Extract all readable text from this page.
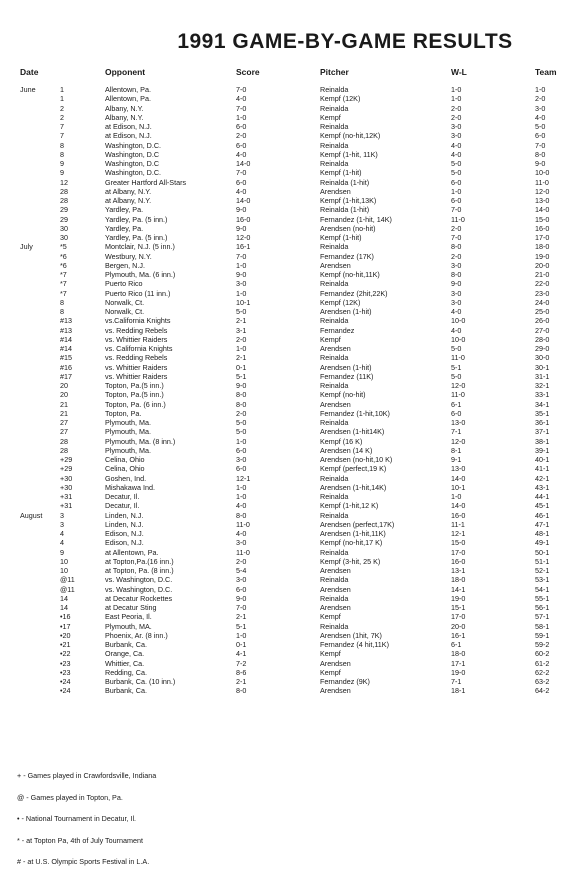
1991 GAME-BY-GAME RESULTS
Date	Opponent	Score	Pitcher	W-L	Team
June	1	Allentown, Pa.	7-0	Reinalda	1-0	1-0
1	Allentown, Pa.	4-0	Kempf (12K)	1-0	2-0
2	Albany, N.Y.	7-0	Reinalda	2-0	3-0
2	Albany, N.Y.	1-0	Kempf	2-0	4-0
7	at Edison, N.J.	6-0	Reinalda	3-0	5-0
7	at Edison, N.J.	2-0	Kempf (no-hit,12K)	3-0	6-0
8	Washington, D.C.	6-0	Reinalda	4-0	7-0
8	Washington, D.C	4-0	Kempf (1-hit, 11K)	4-0	8-0
9	Washington, D.C	14-0	Reinalda	5-0	9-0
9	Washington, D.C.	7-0	Kempf (1-hit)	5-0	10-0
12	Greater Hartford All-Stars	6-0	Reinalda (1-hit)	6-0	11-0
28	at Albany, N.Y.	4-0	Arendsen	1-0	12-0
28	at Albany, N.Y.	14-0	Kempf (1-hit,13K)	6-0	13-0
29	Yardley, Pa.	9-0	Reinalda (1-hit)	7-0	14-0
29	Yardley, Pa. (5 inn.)	16-0	Fernandez (1-hit, 14K)	11-0	15-0
30	Yardley, Pa.	9-0	Arendsen (no-hit)	2-0	16-0
30	Yardley, Pa. (5 inn.)	12-0	Kempf (1-hit)	7-0	17-0
July	*5	Montclair, N.J. (5 inn.)	16-1	Reinalda	8-0	18-0
*6	Westbury, N.Y.	7-0	Fernandez (17K)	2-0	19-0
*6	Bergen, N.J.	1-0	Arendsen	3-0	20-0
*7	Plymouth, Ma. (6 inn.)	9-0	Kempf (no-hit,11K)	8-0	21-0
*7	Puerto Rico	3-0	Reinalda	9-0	22-0
*7	Puerto Rico (11 inn.)	1-0	Fernandez (2hit,22K)	3-0	23-0
8	Norwalk, Ct.	10-1	Kempf (12K)	3-0	24-0
8	Norwalk, Ct.	5-0	Arendsen (1-hit)	4-0	25-0
#13	vs.California Knights	2-1	Reinalda	10-0	26-0
#13	vs. Redding Rebels	3-1	Fernandez	4-0	27-0
#14	vs. Whittier Raiders	2-0	Kempf	10-0	28-0
#14	vs. California Knights	1-0	Arendsen	5-0	29-0
#15	vs. Redding Rebels	2-1	Reinalda	11-0	30-0
#16	vs. Whittier Raiders	0-1	Arendsen (1-hit)	5-1	30-1
#17	vs. Whittier Raiders	5-1	Fernandez (11K)	5-0	31-1
20	Topton, Pa.(5 inn.)	9-0	Reinalda	12-0	32-1
20	Topton, Pa.(5 inn.)	8-0	Kempf (no-hit)	11-0	33-1
21	Topton, Pa. (6 inn.)	8-0	Arendsen	6-1	34-1
21	Topton, Pa.	2-0	Fernandez (1-hit,10K)	6-0	35-1
27	Plymouth, Ma.	5-0	Reinalda	13-0	36-1
27	Plymouth, Ma.	5-0	Arendsen (1-hit14K)	7-1	37-1
28	Plymouth, Ma. (8 inn.)	1-0	Kempf (16 K)	12-0	38-1
28	Plymouth, Ma.	6-0	Arendsen (14 K)	8-1	39-1
+29	Celina, Ohio	3-0	Arendsen (no-hit,10 K)	9-1	40-1
+29	Celina, Ohio	6-0	Kempf (perfect,19 K)	13-0	41-1
+30	Goshen, Ind.	12-1	Reinalda	14-0	42-1
+30	Mishakawa Ind.	1-0	Arendsen (1-hit,14K)	10-1	43-1
+31	Decatur, Il.	1-0	Reinalda	1-0	44-1
+31	Decatur, Il.	4-0	Kempf (1-hit,12 K)	14-0	45-1
August 3	Linden, N.J.	8-0	Reinalda	16-0	46-1
3	Linden, N.J.	11-0	Arendsen (perfect,17K)	11-1	47-1
4	Edison, N.J.	4-0	Arendsen (1-hit,11K)	12-1	48-1
4	Edison, N.J.	3-0	Kempf (no-hit,17 K)	15-0	49-1
9	at Allentown, Pa.	11-0	Reinalda	17-0	50-1
10	at Topton,Pa.(16 inn.)	2-0	Kempf (3-hit, 25 K)	16-0	51-1
10	at Topton, Pa. (8 inn.)	5-4	Arendsen	13-1	52-1
@11	vs. Washington, D.C.	3-0	Reinalda	18-0	53-1
@11	vs. Washington, D.C.	6-0	Arendsen	14-1	54-1
14	at Decatur Rockettes	9-0	Reinalda	19-0	55-1
14	at Decatur Sting	7-0	Arendsen	15-1	56-1
•16	East Peoria, Il.	2-1	Kempf	17-0	57-1
•17	Plymouth, MA.	5-1	Reinalda	20-0	58-1
•20	Phoenix, Ar. (8 inn.)	1-0	Arendsen (1hit, 7K)	16-1	59-1
•21	Burbank, Ca.	0-1	Fernandez (4 hit,11K)	6-1	59-2
•22	Orange, Ca.	4-1	Kempf	18-0	60-2
•23	Whittier, Ca.	7-2	Arendsen	17-1	61-2
•23	Redding, Ca.	8-6	Kempf	19-0	62-2
•24	Burbank, Ca. (10 inn.)	2-1	Fernandez (9K)	7-1	63-2
•24	Burbank, Ca.	8-0	Arendsen	18-1	64-2
+ - Games played in Crawfordsville, Indiana
@ - Games played in Topton, Pa.
• - National Tournament in Decatur, Il.
* - at Topton Pa, 4th of July Tournament
# - at U.S. Olympic Sports Festival in L.A.
